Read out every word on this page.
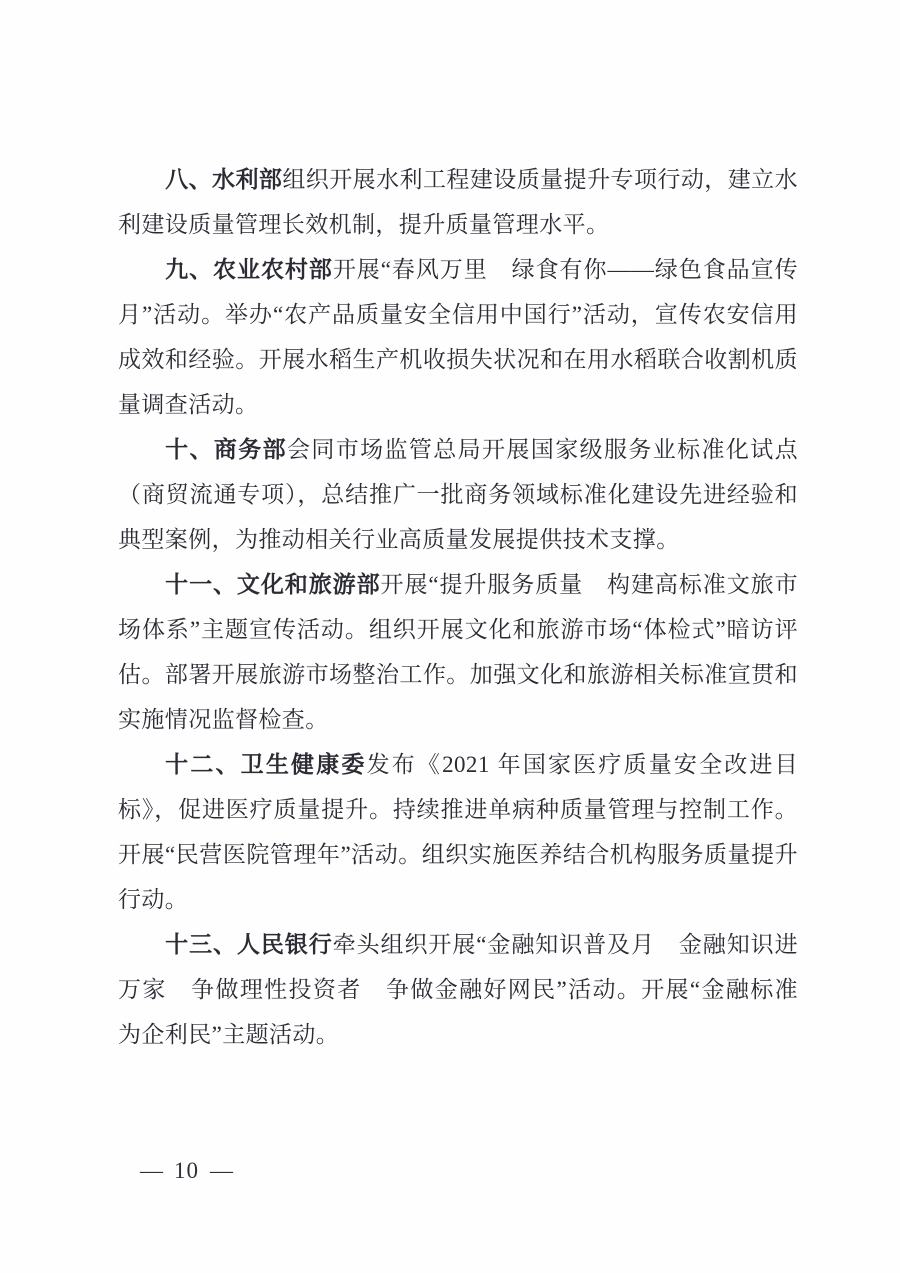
八、水利部组织开展水利工程建设质量提升专项行动，建立水利建设质量管理长效机制，提升质量管理水平。

九、农业农村部开展“春风万里　绿食有你——绿色食品宣传月”活动。举办“农产品质量安全信用中国行”活动，宣传农安信用成效和经验。开展水稻生产机收损失状况和在用水稻联合收割机质量调查活动。

十、商务部会同市场监管总局开展国家级服务业标准化试点（商贸流通专项），总结推广一批商务领域标准化建设先进经验和典型案例，为推动相关行业高质量发展提供技术支撑。

十一、文化和旅游部开展“提升服务质量　构建高标准文旅市场体系”主题宣传活动。组织开展文化和旅游市场“体检式”暗访评估。部署开展旅游市场整治工作。加强文化和旅游相关标准宣贯和实施情况监督检查。

十二、卫生健康委发布《2021 年国家医疗质量安全改进目标》，促进医疗质量提升。持续推进单病种质量管理与控制工作。开展“民营医院管理年”活动。组织实施医养结合机构服务质量提升行动。

十三、人民银行牵头组织开展“金融知识普及月　金融知识进万家　争做理性投资者　争做金融好网民”活动。开展“金融标准　为企利民”主题活动。

— 10 —
